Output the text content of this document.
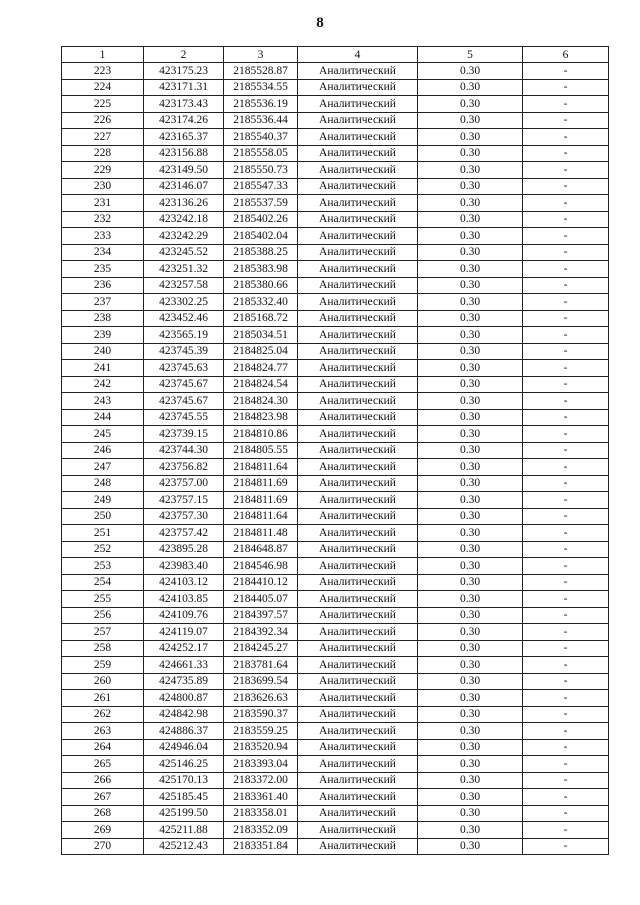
8
1	2	3	4	5	6
223	423175.23	2185528.87	Аналитический	0.30	-
224	423171.31	2185534.55	Аналитический	0.30	-
225	423173.43	2185536.19	Аналитический	0.30	-
226	423174.26	2185536.44	Аналитический	0.30	-
227	423165.37	2185540.37	Аналитический	0.30	-
228	423156.88	2185558.05	Аналитический	0.30	-
229	423149.50	2185550.73	Аналитический	0.30	-
230	423146.07	2185547.33	Аналитический	0.30	-
231	423136.26	2185537.59	Аналитический	0.30	-
232	423242.18	2185402.26	Аналитический	0.30	-
233	423242.29	2185402.04	Аналитический	0.30	-
234	423245.52	2185388.25	Аналитический	0.30	-
235	423251.32	2185383.98	Аналитический	0.30	-
236	423257.58	2185380.66	Аналитический	0.30	-
237	423302.25	2185332.40	Аналитический	0.30	-
238	423452.46	2185168.72	Аналитический	0.30	-
239	423565.19	2185034.51	Аналитический	0.30	-
240	423745.39	2184825.04	Аналитический	0.30	-
241	423745.63	2184824.77	Аналитический	0.30	-
242	423745.67	2184824.54	Аналитический	0.30	-
243	423745.67	2184824.30	Аналитический	0.30	-
244	423745.55	2184823.98	Аналитический	0.30	-
245	423739.15	2184810.86	Аналитический	0.30	-
246	423744.30	2184805.55	Аналитический	0.30	-
247	423756.82	2184811.64	Аналитический	0.30	-
248	423757.00	2184811.69	Аналитический	0.30	-
249	423757.15	2184811.69	Аналитический	0.30	-
250	423757.30	2184811.64	Аналитический	0.30	-
251	423757.42	2184811.48	Аналитический	0.30	-
252	423895.28	2184648.87	Аналитический	0.30	-
253	423983.40	2184546.98	Аналитический	0.30	-
254	424103.12	2184410.12	Аналитический	0.30	-
255	424103.85	2184405.07	Аналитический	0.30	-
256	424109.76	2184397.57	Аналитический	0.30	-
257	424119.07	2184392.34	Аналитический	0.30	-
258	424252.17	2184245.27	Аналитический	0.30	-
259	424661.33	2183781.64	Аналитический	0.30	-
260	424735.89	2183699.54	Аналитический	0.30	-
261	424800.87	2183626.63	Аналитический	0.30	-
262	424842.98	2183590.37	Аналитический	0.30	-
263	424886.37	2183559.25	Аналитический	0.30	-
264	424946.04	2183520.94	Аналитический	0.30	-
265	425146.25	2183393.04	Аналитический	0.30	-
266	425170.13	2183372.00	Аналитический	0.30	-
267	425185.45	2183361.40	Аналитический	0.30	-
268	425199.50	2183358.01	Аналитический	0.30	-
269	425211.88	2183352.09	Аналитический	0.30	-
270	425212.43	2183351.84	Аналитический	0.30	-
